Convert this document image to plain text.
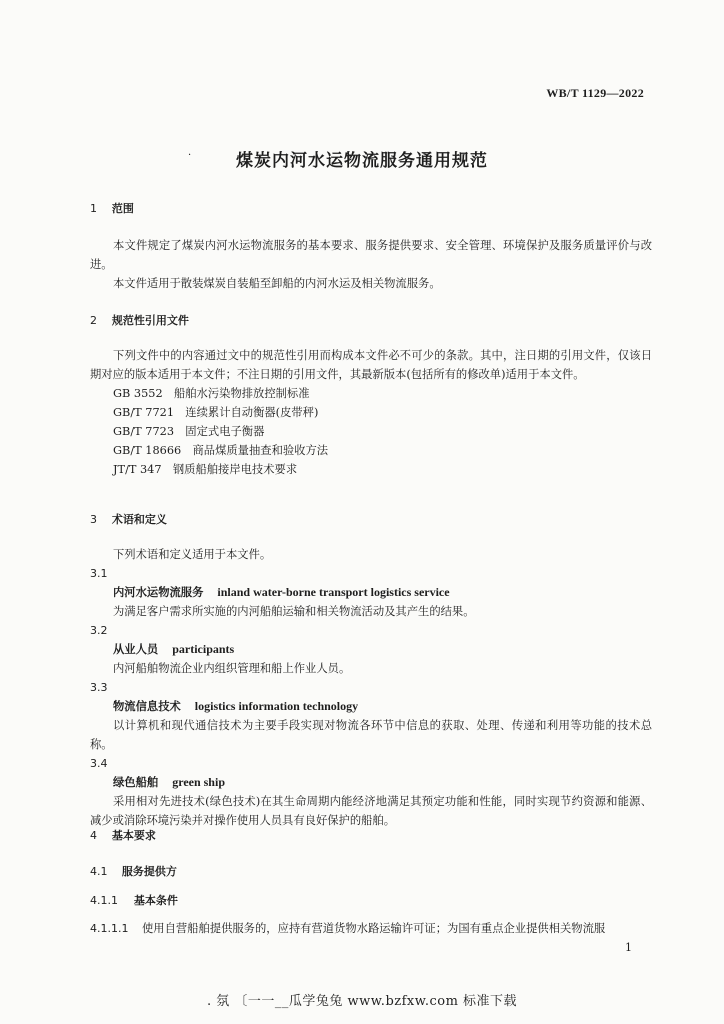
WB/T 1129—2022
·	煤炭内河水运物流服务通用规范
1 范围
本文件规定了煤炭内河水运物流服务的基本要求、服务提供要求、安全管理、环境保护及服务质量评价与改进。
本文件适用于散装煤炭自装船至卸船的内河水运及相关物流服务。
2 规范性引用文件
下列文件中的内容通过文中的规范性引用而构成本文件必不可少的条款。其中，注日期的引用文件，仅该日期对应的版本适用于本文件；不注日期的引用文件，其最新版本(包括所有的修改单)适用于本文件。
GB 3552　船舶水污染物排放控制标准
GB/T 7721　连续累计自动衡器(皮带秤)
GB/T 7723　固定式电子衡器
GB/T 18666　商品煤质量抽查和验收方法
JT/T 347　钢质船舶接岸电技术要求
3 术语和定义
下列术语和定义适用于本文件。
3.1
内河水运物流服务 inland water-borne transport logistics service
为满足客户需求所实施的内河船舶运输和相关物流活动及其产生的结果。
3.2
从业人员 participants
内河船舶物流企业内组织管理和船上作业人员。
3.3
物流信息技术 logistics information technology
以计算机和现代通信技术为主要手段实现对物流各环节中信息的获取、处理、传递和利用等功能的技术总称。
3.4
绿色船舶 green ship
采用相对先进技术(绿色技术)在其生命周期内能经济地满足其预定功能和性能，同时实现节约资源和能源、减少或消除环境污染并对操作使用人员具有良好保护的船舶。
4 基本要求
4.1 服务提供方
4.1.1 基本条件
4.1.1.1 使用自营船舶提供服务的，应持有营道货物水路运输许可证；为国有重点企业提供相关物流服
1
. 氛 〔一一__瓜学兔兔 www.bzfxw.com 标准下载
